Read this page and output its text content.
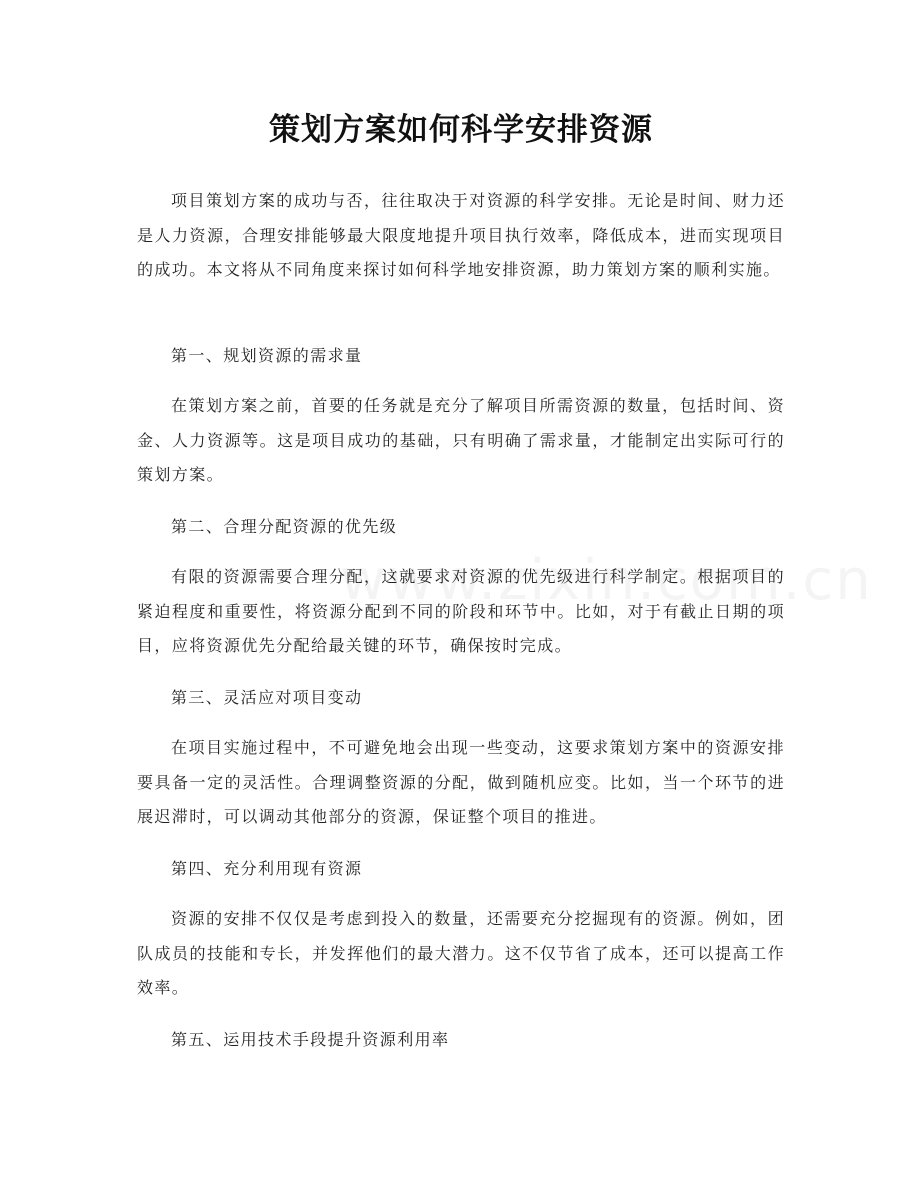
策划方案如何科学安排资源

项目策划方案的成功与否，往往取决于对资源的科学安排。无论是时间、财力还是人力资源，合理安排能够最大限度地提升项目执行效率，降低成本，进而实现项目的成功。本文将从不同角度来探讨如何科学地安排资源，助力策划方案的顺利实施。

第一、规划资源的需求量

在策划方案之前，首要的任务就是充分了解项目所需资源的数量，包括时间、资金、人力资源等。这是项目成功的基础，只有明确了需求量，才能制定出实际可行的策划方案。

第二、合理分配资源的优先级

有限的资源需要合理分配，这就要求对资源的优先级进行科学制定。根据项目的紧迫程度和重要性，将资源分配到不同的阶段和环节中。比如，对于有截止日期的项目，应将资源优先分配给最关键的环节，确保按时完成。

第三、灵活应对项目变动

在项目实施过程中，不可避免地会出现一些变动，这要求策划方案中的资源安排要具备一定的灵活性。合理调整资源的分配，做到随机应变。比如，当一个环节的进展迟滞时，可以调动其他部分的资源，保证整个项目的推进。

第四、充分利用现有资源

资源的安排不仅仅是考虑到投入的数量，还需要充分挖掘现有的资源。例如，团队成员的技能和专长，并发挥他们的最大潜力。这不仅节省了成本，还可以提高工作效率。

第五、运用技术手段提升资源利用率
